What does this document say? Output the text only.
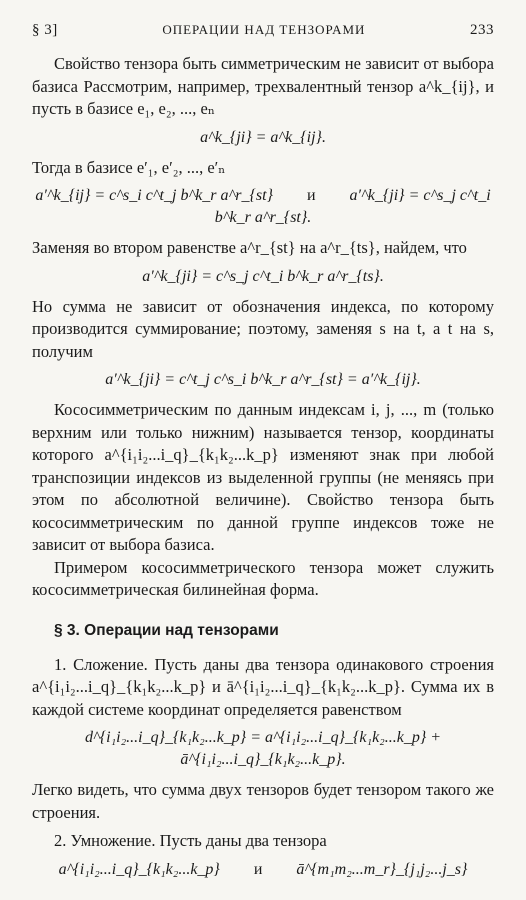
§ 3]	ОПЕРАЦИИ НАД ТЕНЗОРАМИ	233

Свойство тензора быть симметрическим не зависит от выбора базиса Рассмотрим, например, трехвалентный тензор a^k_{ij}, и пусть в базисе e₁, e₂, ..., eₙ

a^k_{ji} = a^k_{ij}.

Тогда в базисе e′₁, e′₂, ..., e′ₙ

a′^k_{ij} = c^s_i c^t_j b^k_r a^r_{st} и a′^k_{ji} = c^s_j c^t_i b^k_r a^r_{st}.

Заменяя во втором равенстве a^r_{st} на a^r_{ts}, найдем, что

a′^k_{ji} = c^s_j c^t_i b^k_r a^r_{ts}.

Но сумма не зависит от обозначения индекса, по которому производится суммирование; поэтому, заменяя s на t, а t на s, получим

a′^k_{ji} = c^t_j c^s_i b^k_r a^r_{st} = a′^k_{ij}.

Кососимметрическим по данным индексам i, j, ..., m (только верхним или только нижним) называется тензор, координаты которого a^{i₁i₂...i_q}_{k₁k₂...k_p} изменяют знак при любой транспозиции индексов из выделенной группы (не меняясь при этом по абсолютной величине). Свойство тензора быть кососимметрическим по данной группе индексов тоже не зависит от выбора базиса.

Примером кососимметрического тензора может служить кососимметрическая билинейная форма.

§ 3. Операции над тензорами

1. Сложение. Пусть даны два тензора одинакового строения a^{i₁i₂...i_q}_{k₁k₂...k_p} и ā^{i₁i₂...i_q}_{k₁k₂...k_p}. Сумма их в каждой системе координат определяется равенством

d^{i₁i₂...i_q}_{k₁k₂...k_p} = a^{i₁i₂...i_q}_{k₁k₂...k_p} + ā^{i₁i₂...i_q}_{k₁k₂...k_p}.

Легко видеть, что сумма двух тензоров будет тензором такого же строения.

2. Умножение. Пусть даны два тензора

a^{i₁i₂...i_q}_{k₁k₂...k_p} и ā^{m₁m₂...m_r}_{j₁j₂...j_s}
